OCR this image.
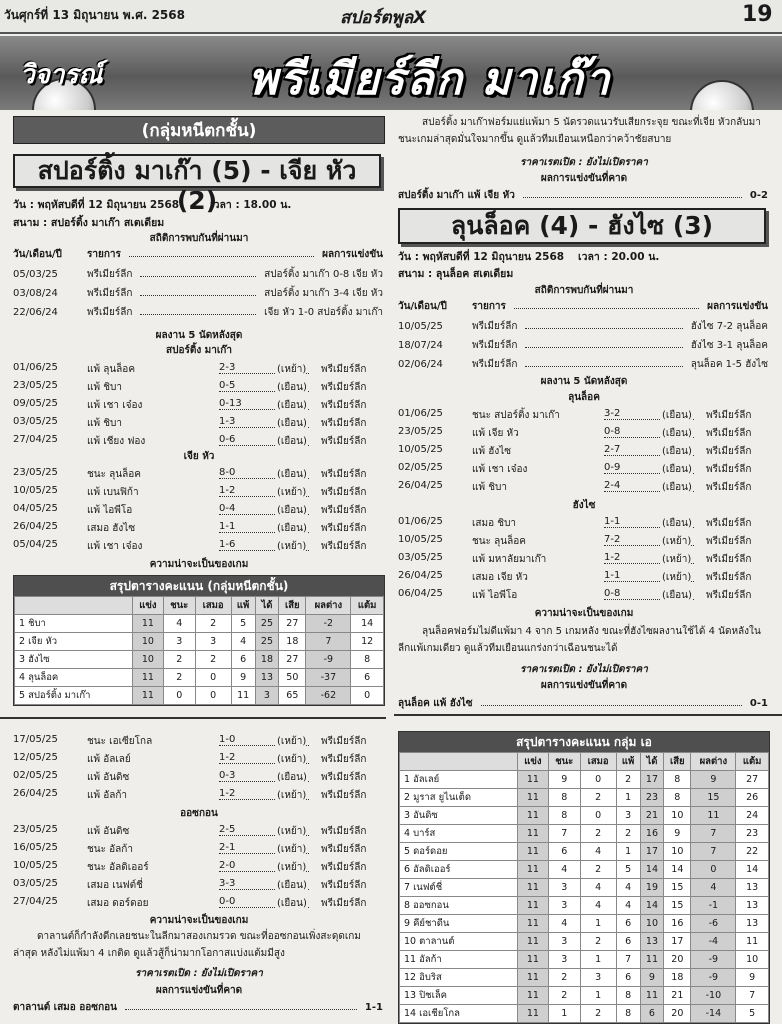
วันศุกร์ที่ 13 มิถุนายน พ.ศ. 2568	สปอร์ตพูลX	19
วิจารณ์	พรีเมียร์ลีก มาเก๊า
(กลุ่มหนีตกชั้น)
สปอร์ติ้ง มาเก๊า (5) - เจีย หัว (2)
วัน : พฤหัสบดีที่ 12 มิถุนายน 2568	เวลา : 18.00 น.
สนาม : สปอร์ติ้ง มาเก๊า สเตเดียม
สถิติการพบกันที่ผ่านมา
วัน/เดือน/ปี	รายการ	ผลการแข่งขัน
05/03/25	พรีเมียร์ลีก	สปอร์ติ้ง มาเก๊า 0-8 เจีย หัว
03/08/24	พรีเมียร์ลีก	สปอร์ติ้ง มาเก๊า 3-4 เจีย หัว
22/06/24	พรีเมียร์ลีก	เจีย หัว 1-0 สปอร์ติ้ง มาเก๊า
01/06/25	แพ้ ลุนล็อค	2-3	(เหย้า) พรีเมียร์ลีก
23/05/25	แพ้ ชิบา	0-5	(เยือน) พรีเมียร์ลีก
09/05/25	แพ้ เชา เจ๋อง	0-13	(เยือน) พรีเมียร์ลีก
03/05/25	แพ้ ชิบา	1-3	(เยือน) พรีเมียร์ลีก
27/04/25	แพ้ เชียง ฟอง	0-6	(เยือน) พรีเมียร์ลีก
23/05/25	ชนะ ลุนล็อค	8-0	(เยือน) พรีเมียร์ลีก
10/05/25	แพ้ เบนฟิก้า	1-2	(เหย้า) พรีเมียร์ลีก
04/05/25	แพ้ ไอพีโอ	0-4	(เยือน) พรีเมียร์ลีก
26/04/25	เสมอ ฮังไซ	1-1	(เยือน) พรีเมียร์ลีก
05/04/25	แพ้ เชา เจ๋อง	1-6	(เหย้า) พรีเมียร์ลีก
ผลงาน 5 นัดหลังสุด
สปอร์ติ้ง มาเก๊า
เจีย หัว
ความน่าจะเป็นของเกม
สรุปตารางคะแนน (กลุ่มหนีตกชั้น)
	แข่ง	ชนะ	เสมอ	แพ้	ได้	เสีย	ผลต่าง	แต้ม
1 ชิบา	11	4	2	5	25	27	-2	14
2 เจีย หัว	10	3	3	4	25	18	7	12
3 ฮังไซ	10	2	2	6	18	27	-9	8
4 ลุนล็อค	11	2	0	9	13	50	-37	6
5 สปอร์ติ้ง มาเก๊า	11	0	0	11	3	65	-62	0
17/05/25	ชนะ เอเซียโกล	1-0	(เหย้า) พรีเมียร์ลีก
12/05/25	แพ้ อัลเลย์	1-2	(เหย้า) พรีเมียร์ลีก
02/05/25	แพ้ อันดิซ	0-3	(เยือน) พรีเมียร์ลีก
26/04/25	แพ้ อัลก้า	1-2	(เหย้า) พรีเมียร์ลีก
ออซกอน
23/05/25	แพ้ อันดิซ	2-5	(เหย้า) พรีเมียร์ลีก
16/05/25	ชนะ อัลก้า	2-1	(เหย้า) พรีเมียร์ลีก
10/05/25	ชนะ อัลดิเออร์	2-0	(เหย้า) พรีเมียร์ลีก
03/05/25	เสมอ เนฟต์ชี่	3-3	(เยือน) พรีเมียร์ลีก
27/04/25	เสมอ ดอร์ดอย	0-0	(เยือน) พรีเมียร์ลีก
ความน่าจะเป็นของเกม
ดาลานต์ก็กำลังดีกเลยชนะในลีกมาสองเกมรวด ขณะที่ออซกอนเพิ่งสะดุดเกมล่าสุด หลังไม่แพ้มา 4 เกติด ดูแล้วสู้ก็น่ามากโอกาสแบ่งแต้มมีสูง
ราคาเรตเปิด : ยังไม่เปิดราคา
ผลการแข่งขันที่คาด
ตาลานต์ เสมอ ออซกอน	1-1
สปอร์ติ้ง มาเก๊าฟอร์มแย่แพ้มา 5 นัดรวดแนวรับเสียกระจุย ขณะที่เจีย หัวกลับมาชนะเกมล่าสุดมั่นใจมากขึ้น ดูแล้วทีมเยือนเหนือกว่าคว้าชัยสบาย
ราคาเรตเปิด : ยังไม่เปิดราคา
ผลการแข่งขันที่คาด
สปอร์ติ้ง มาเก๊า แพ้ เจีย หัว	0-2
ลุนล็อค (4) - ฮังไซ (3)
วัน : พฤหัสบดีที่ 12 มิถุนายน 2568 เวลา : 20.00 น.
สนาม : ลุนล็อค สเตเดียม
สถิติการพบกันที่ผ่านมา
วัน/เดือน/ปี	รายการ	ผลการแข่งขัน
10/05/25	พรีเมียร์ลีก	ฮังไซ 7-2 ลุนล็อค
18/07/24	พรีเมียร์ลีก	ฮังไซ 3-1 ลุนล็อค
02/06/24	พรีเมียร์ลีก	ลุนล็อค 1-5 ฮังไซ
ผลงาน 5 นัดหลังสุด
ลุนล็อค
01/06/25	ชนะ สปอร์ติ้ง มาเก๊า	3-2	(เยือน) พรีเมียร์ลีก
23/05/25	แพ้ เจีย หัว	0-8	(เยือน) พรีเมียร์ลีก
10/05/25	แพ้ ฮังไซ	2-7	(เยือน) พรีเมียร์ลีก
02/05/25	แพ้ เชา เจ๋อง	0-9	(เยือน) พรีเมียร์ลีก
26/04/25	แพ้ ชิบา	2-4	(เยือน) พรีเมียร์ลีก
ฮังไซ
01/06/25	เสมอ ชิบา	1-1	(เยือน) พรีเมียร์ลีก
10/05/25	ชนะ ลุนล็อค	7-2	(เหย้า) พรีเมียร์ลีก
03/05/25	แพ้ มหาลัยมาเก๊า	1-2	(เหย้า) พรีเมียร์ลีก
26/04/25	เสมอ เจีย หัว	1-1	(เหย้า) พรีเมียร์ลีก
06/04/25	แพ้ ไอพีโอ	0-8	(เยือน) พรีเมียร์ลีก
ความน่าจะเป็นของเกม
ลุนล็อคฟอร์มไม่ดีแพ้มา 4 จาก 5 เกมหลัง ขณะที่ฮังไซผลงานใช้ได้ 4 นัดหลังในลีกแพ้เกมเดียว ดูแล้วทีมเยือนแกร่งกว่าเฉือนชนะได้
ราคาเรตเปิด : ยังไม่เปิดราคา
ผลการแข่งขันที่คาด
ลุนล็อค แพ้ ฮังไซ	0-1
สรุปตารางคะแนน กลุ่ม เอ
	แข่ง	ชนะ	เสมอ	แพ้	ได้	เสีย	ผลต่าง	แต้ม
1 อัลเลย์	11	9	0	2	17	8	9	27
2 มูราส ยูไนเต็ด	11	8	2	1	23	8	15	26
3 อันดิซ	11	8	0	3	21	10	11	24
4 บาร์ส	11	7	2	2	16	9	7	23
5 ดอร์ดอย	11	6	4	1	17	10	7	22
6 อัลดิเออร์	11	4	2	5	14	14	0	14
7 เนฟต์ชี่	11	3	4	4	19	15	4	13
8 ออซกอน	11	3	4	4	14	15	-1	13
9 คีย์ชาดีน	11	4	1	6	10	16	-6	13
10 ตาลานต์	11	3	2	6	13	17	-4	11
11 อัลก้า	11	3	1	7	11	20	-9	10
12 อิบริส	11	2	3	6	9	18	-9	9
13 ปิชเล็ค	11	2	1	8	11	21	-10	7
14 เอเชียโกล	11	1	2	8	6	20	-14	5
